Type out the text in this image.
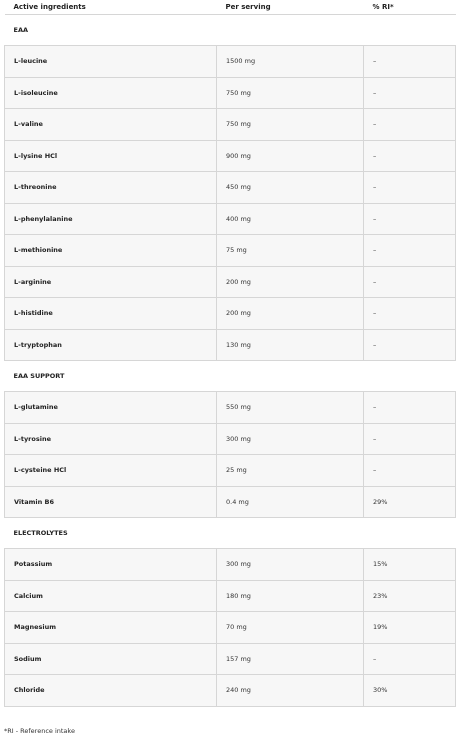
Active ingredients	Per serving	% RI*
EAA		
L-leucine	1500 mg	–
L-isoleucine	750 mg	–
L-valine	750 mg	–
L-lysine HCl	900 mg	–
L-threonine	450 mg	–
L-phenylalanine	400 mg	–
L-methionine	75 mg	–
L-arginine	200 mg	–
L-histidine	200 mg	–
L-tryptophan	130 mg	–
EAA SUPPORT		
L-glutamine	550 mg	–
L-tyrosine	300 mg	–
L-cysteine HCl	25 mg	–
Vitamin B6	0.4 mg	29%
ELECTROLYTES		
Potassium	300 mg	15%
Calcium	180 mg	23%
Magnesium	70 mg	19%
Sodium	157 mg	–
Chloride	240 mg	30%
*RI - Reference intake
